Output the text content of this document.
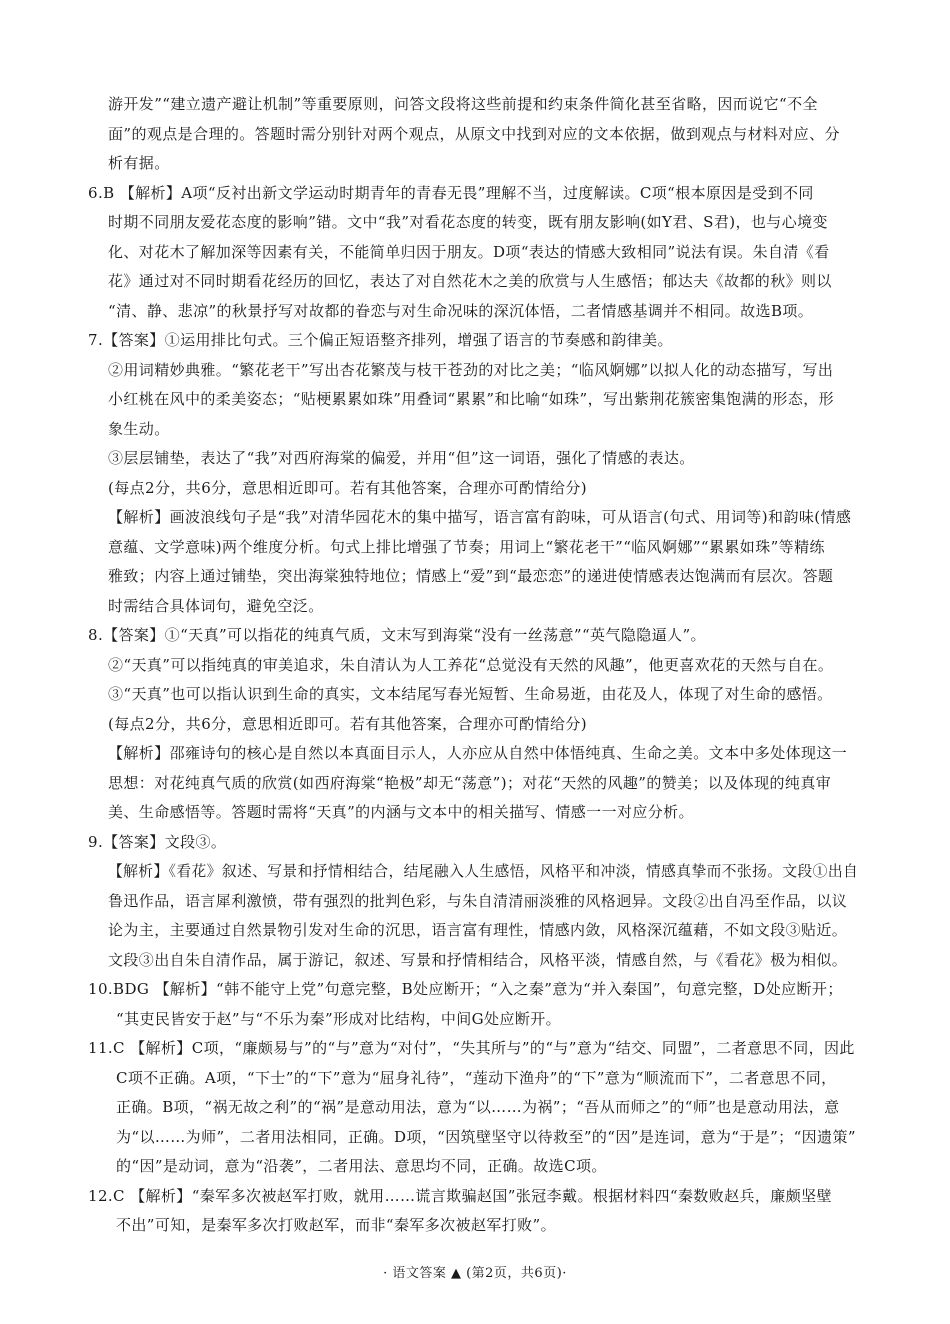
游开发”“建立遗产避让机制”等重要原则，问答文段将这些前提和约束条件简化甚至省略，因而说它“不全
面”的观点是合理的。答题时需分别针对两个观点，从原文中找到对应的文本依据，做到观点与材料对应、分
析有据。
6.B 【解析】A项“反衬出新文学运动时期青年的青春无畏”理解不当，过度解读。C项“根本原因是受到不同
时期不同朋友爱花态度的影响”错。文中“我”对看花态度的转变，既有朋友影响(如Y君、S君)，也与心境变
化、对花木了解加深等因素有关，不能简单归因于朋友。D项“表达的情感大致相同”说法有误。朱自清《看
花》通过对不同时期看花经历的回忆，表达了对自然花木之美的欣赏与人生感悟；郁达夫《故都的秋》则以
“清、静、悲凉”的秋景抒写对故都的眷恋与对生命况味的深沉体悟，二者情感基调并不相同。故选B项。
7.【答案】①运用排比句式。三个偏正短语整齐排列，增强了语言的节奏感和韵律美。
②用词精妙典雅。“繁花老干”写出杏花繁茂与枝干苍劲的对比之美；“临风婀娜”以拟人化的动态描写，写出
小红桃在风中的柔美姿态；“贴梗累累如珠”用叠词“累累”和比喻“如珠”，写出紫荆花簇密集饱满的形态，形
象生动。
③层层铺垫，表达了“我”对西府海棠的偏爱，并用“但”这一词语，强化了情感的表达。
(每点2分，共6分，意思相近即可。若有其他答案，合理亦可酌情给分)
【解析】画波浪线句子是“我”对清华园花木的集中描写，语言富有韵味，可从语言(句式、用词等)和韵味(情感
意蕴、文学意味)两个维度分析。句式上排比增强了节奏；用词上“繁花老干”“临风婀娜”“累累如珠”等精练
雅致；内容上通过铺垫，突出海棠独特地位；情感上“爱”到“最恋恋”的递进使情感表达饱满而有层次。答题
时需结合具体词句，避免空泛。
8.【答案】①“天真”可以指花的纯真气质，文末写到海棠“没有一丝荡意”“英气隐隐逼人”。
②“天真”可以指纯真的审美追求，朱自清认为人工养花“总觉没有天然的风趣”，他更喜欢花的天然与自在。
③“天真”也可以指认识到生命的真实，文本结尾写春光短暂、生命易逝，由花及人，体现了对生命的感悟。
(每点2分，共6分，意思相近即可。若有其他答案，合理亦可酌情给分)
【解析】邵雍诗句的核心是自然以本真面目示人，人亦应从自然中体悟纯真、生命之美。文本中多处体现这一
思想：对花纯真气质的欣赏(如西府海棠“艳极”却无“荡意”)；对花“天然的风趣”的赞美；以及体现的纯真审
美、生命感悟等。答题时需将“天真”的内涵与文本中的相关描写、情感一一对应分析。
9.【答案】文段③。
【解析】《看花》叙述、写景和抒情相结合，结尾融入人生感悟，风格平和冲淡，情感真挚而不张扬。文段①出自
鲁迅作品，语言犀利激愤，带有强烈的批判色彩，与朱自清清丽淡雅的风格迥异。文段②出自冯至作品，以议
论为主，主要通过自然景物引发对生命的沉思，语言富有理性，情感内敛，风格深沉蕴藉，不如文段③贴近。
文段③出自朱自清作品，属于游记，叙述、写景和抒情相结合，风格平淡，情感自然，与《看花》极为相似。
10.BDG 【解析】“韩不能守上党”句意完整，B处应断开；“入之秦”意为“并入秦国”，句意完整，D处应断开；
“其吏民皆安于赵”与“不乐为秦”形成对比结构，中间G处应断开。
11.C 【解析】C项，“廉颇易与”的“与”意为“对付”，“失其所与”的“与”意为“结交、同盟”，二者意思不同，因此
C项不正确。A项，“下士”的“下”意为“屈身礼待”，“莲动下渔舟”的“下”意为“顺流而下”，二者意思不同，
正确。B项，“祸无故之利”的“祸”是意动用法，意为“以……为祸”；“吾从而师之”的“师”也是意动用法，意
为“以……为师”，二者用法相同，正确。D项，“因筑壁坚守以待救至”的“因”是连词，意为“于是”；“因遗策”
的“因”是动词，意为“沿袭”，二者用法、意思均不同，正确。故选C项。
12.C 【解析】“秦军多次被赵军打败，就用……谎言欺骗赵国”张冠李戴。根据材料四“秦数败赵兵，廉颇坚壁
不出”可知，是秦军多次打败赵军，而非“秦军多次被赵军打败”。
· 语文答案 ▲ (第2页，共6页)·
